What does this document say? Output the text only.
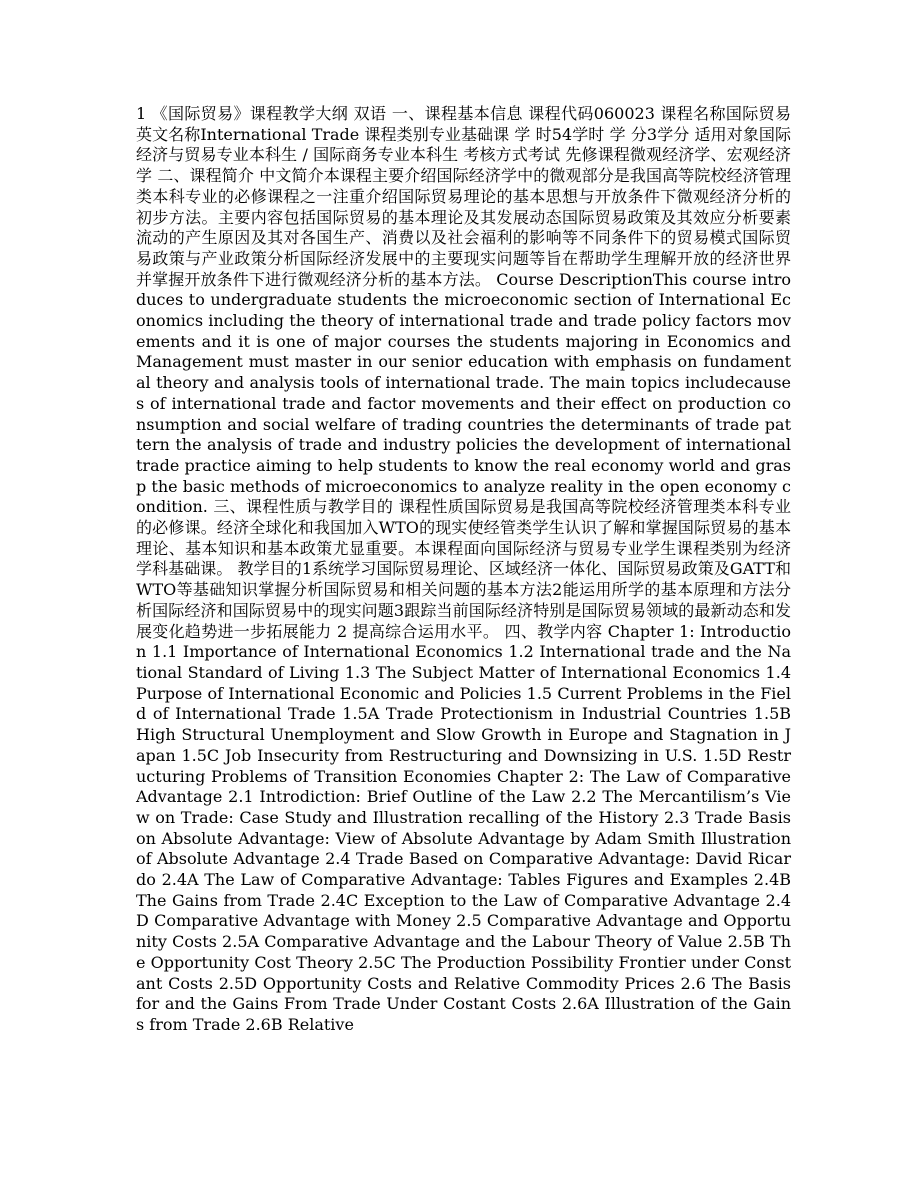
1 《国际贸易》课程教学大纲 双语 一、课程基本信息 课程代码060023 课程名称国际贸易 英文名称International Trade 课程类别专业基础课 学 时54学时 学 分3学分 适用对象国际经济与贸易专业本科生 / 国际商务专业本科生 考核方式考试 先修课程微观经济学、宏观经济学 二、课程简介 中文简介本课程主要介绍国际经济学中的微观部分是我国高等院校经济管理类本科专业的必修课程之一注重介绍国际贸易理论的基本思想与开放条件下微观经济分析的初步方法。主要内容包括国际贸易的基本理论及其发展动态国际贸易政策及其效应分析要素流动的产生原因及其对各国生产、消费以及社会福利的影响等不同条件下的贸易模式国际贸易政策与产业政策分析国际经济发展中的主要现实问题等旨在帮助学生理解开放的经济世界并掌握开放条件下进行微观经济分析的基本方法。 Course DescriptionThis course introduces to undergraduate students the microeconomic section of International Economics including the theory of international trade and trade policy factors movements and it is one of major courses the students majoring in Economics and Management must master in our senior education with emphasis on fundamental theory and analysis tools of international trade. The main topics includecauses of international trade and factor movements and their effect on production consumption and social welfare of trading countries the determinants of trade pattern the analysis of trade and industry policies the development of international trade practice aiming to help students to know the real economy world and grasp the basic methods of microeconomics to analyze reality in the open economy condition. 三、课程性质与教学目的 课程性质国际贸易是我国高等院校经济管理类本科专业的必修课。经济全球化和我国加入WTO的现实使经管类学生认识了解和掌握国际贸易的基本理论、基本知识和基本政策尤显重要。本课程面向国际经济与贸易专业学生课程类别为经济学科基础课。 教学目的1系统学习国际贸易理论、区域经济一体化、国际贸易政策及GATT和WTO等基础知识掌握分析国际贸易和相关问题的基本方法2能运用所学的基本原理和方法分析国际经济和国际贸易中的现实问题3跟踪当前国际经济特别是国际贸易领域的最新动态和发展变化趋势进一步拓展能力 2 提高综合运用水平。 四、教学内容 Chapter 1: Introduction 1.1 Importance of International Economics 1.2 International trade and the National Standard of Living 1.3 The Subject Matter of International Economics 1.4 Purpose of International Economic and Policies 1.5 Current Problems in the Field of International Trade 1.5A Trade Protectionism in Industrial Countries 1.5B High Structural Unemployment and Slow Growth in Europe and Stagnation in Japan 1.5C Job Insecurity from Restructuring and Downsizing in U.S. 1.5D Restructuring Problems of Transition Economies Chapter 2: The Law of Comparative Advantage 2.1 Introdiction: Brief Outline of the Law 2.2 The Mercantilism’s View on Trade: Case Study and Illustration recalling of the History 2.3 Trade Basis on Absolute Advantage: View of Absolute Advantage by Adam Smith Illustration of Absolute Advantage 2.4 Trade Based on Comparative Advantage: David Ricardo 2.4A The Law of Comparative Advantage: Tables Figures and Examples 2.4B The Gains from Trade 2.4C Exception to the Law of Comparative Advantage 2.4D Comparative Advantage with Money 2.5 Comparative Advantage and Opportunity Costs 2.5A Comparative Advantage and the Labour Theory of Value 2.5B The Opportunity Cost Theory 2.5C The Production Possibility Frontier under Constant Costs 2.5D Opportunity Costs and Relative Commodity Prices 2.6 The Basis for and the Gains From Trade Under Costant Costs 2.6A Illustration of the Gains from Trade 2.6B Relative
